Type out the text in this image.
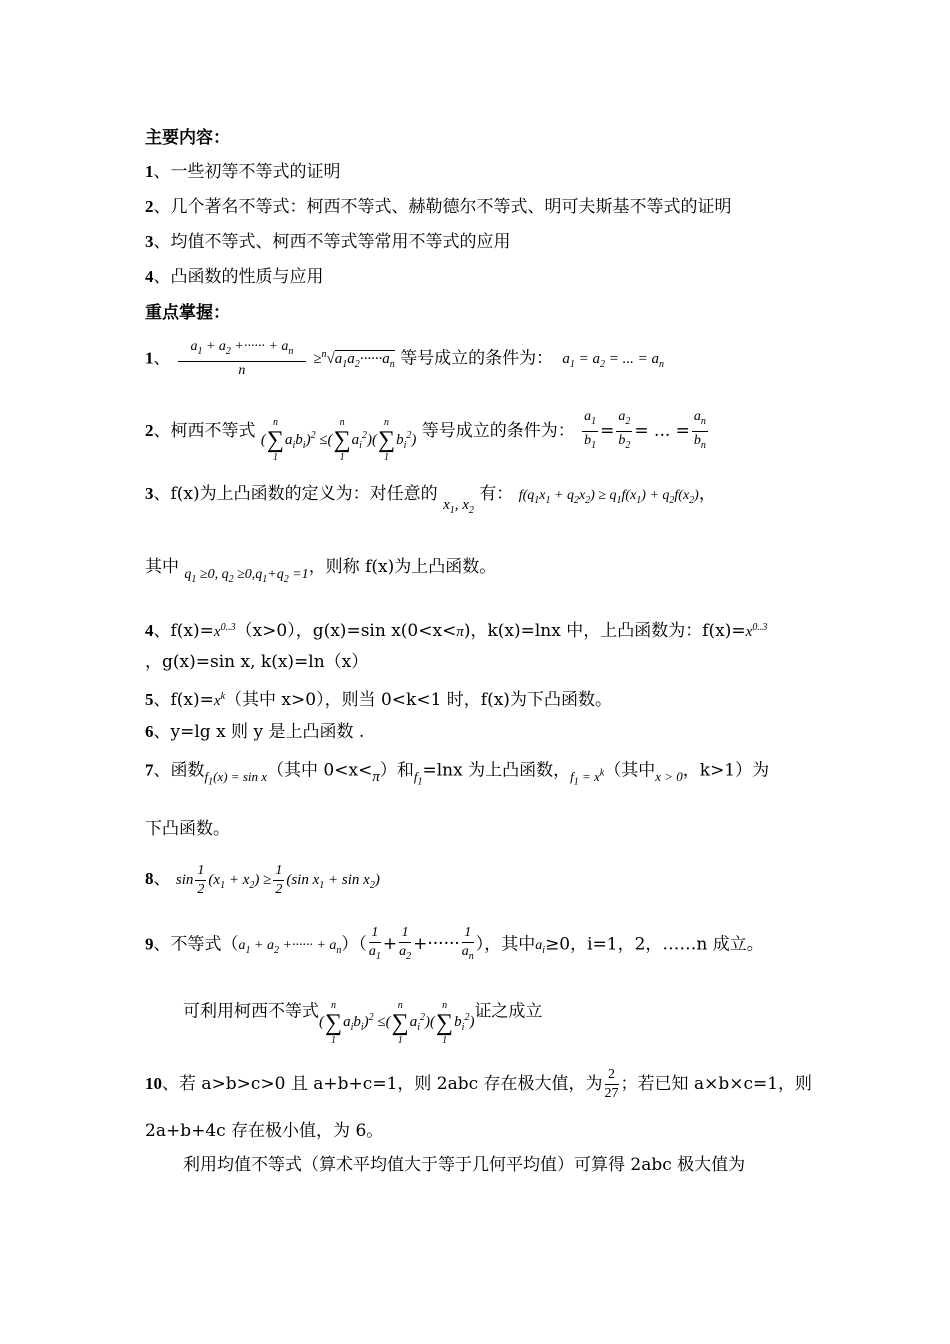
主要内容：
1、一些初等不等式的证明
2、几个著名不等式：柯西不等式、赫勒德尔不等式、明可夫斯基不等式的证明
3、均值不等式、柯西不等式等常用不等式的应用
4、凸函数的性质与应用
重点掌握：
1、 $\frac{a_1 + a_2 +\cdot\cdot\cdot\cdot\cdot\cdot + a_n}{n} \ge^n√a_1a_2\cdot\cdot\cdot\cdot\cdot\cdot a_n$ 等号成立的条件为：  $a_1 = a_2$ = ... = $a_n$
2、柯西不等式 (
n
∑
1
$a_ib_i)^2$ ≤(
n
∑
1
$a_i^2$)(
n
∑
1
$b_i^2$) 等号成立的条件为： $\frac{a_1}{b_1} = \frac{a_2}{b_2}$ = ... = $\frac{a_n}{b_n}$
3、f(x)为上凸函数的定义为：对任意的 $x_1$, $x_2$ 有： $f(q_1x_1 + q_2x_2) \ge q_1f(x_1) + q_2f(x_2)$，
其中 $_{q_1 \ge 0, q_2 \ge 0,q_1+q_2 =1}$，则称 f(x)为上凸函数。
4、$f(x)=x^{0..3}(x>0)$，g(x)=sin x(0<x<π)，k(x)=lnx 中，上凸函数为：$f(x)=x^{0..3}$
，g(x)=sin x, k(x)=ln（x）
5、$f(x)=x^k$（其中 x>0），则当 0<k<1 时，f(x)为下凸函数。
6、y=lg x 则 y 是上凸函数 .
7、函数$_{f_1(x) = sin x}$（其中 0<x<π）和$_{f_1}$=lnx 为上凸函数，$_{f_1 = x^k}$（其中$_{x > 0}$，k>1）为
下凸函数。
8、 $\sin \frac{1}{2} (x_1 + x_2) \ge \frac{1}{2} (\sin$ $x_1 + \sin x_2$)
9、不等式（$a_1 + a_2$ +······ + $a_n)( \frac{1}{a_1} + \frac{1}{a_2}$ +······ $\frac{1}{a_n}$ ），其中$a_i\ge 0$，i=1，2，……n 成立。
可利用柯西不等式(
n
∑
1
$a_ib_i)^2$ ≤(
n
∑
1
$a_i^2$)(
n
∑
1
$b_i^2$)证之成立
10、若 a>b>c>0 且 a+b+c=1，则 2abc 存在极大值，为 $\frac{2}{27}$ ；若已知 a×b×c=1，则
2a+b+4c 存在极小值，为 6。
利用均值不等式（算术平均值大于等于几何平均值）可算得 2abc 极大值为
